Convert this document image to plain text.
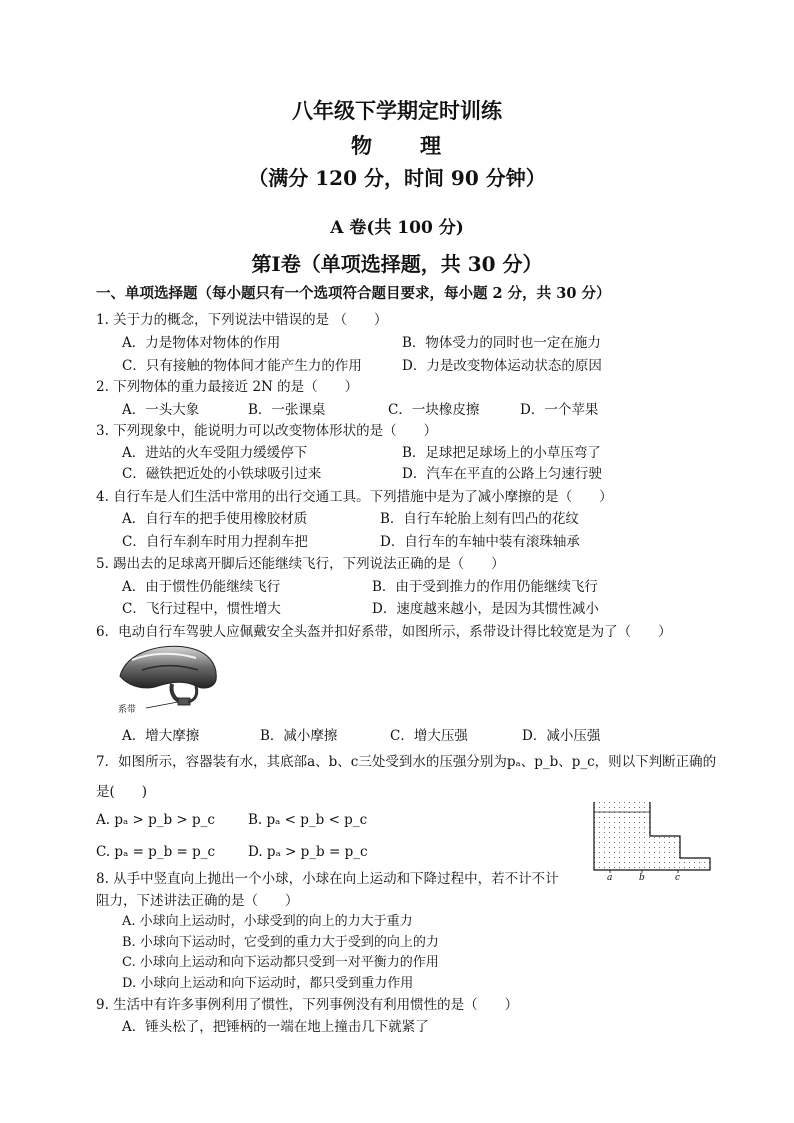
八年级下学期定时训练
物　　理
（满分 120 分，时间 90 分钟）
A 卷(共 100 分)
第Ⅰ卷（单项选择题，共 30 分）
一、单项选择题（每小题只有一个选项符合题目要求，每小题 2 分，共 30 分）
1. 关于力的概念，下列说法中错误的是 （　　）
A．力是物体对物体的作用	B．物体受力的同时也一定在施力
C．只有接触的物体间才能产生力的作用	D．力是改变物体运动状态的原因
2. 下列物体的重力最接近 2N 的是（　　）
A．一头大象	B．一张课桌	C．一块橡皮擦	D．一个苹果
3. 下列现象中，能说明力可以改变物体形状的是（　　）
A．进站的火车受阻力缓缓停下	B．足球把足球场上的小草压弯了
C．磁铁把近处的小铁球吸引过来	D．汽车在平直的公路上匀速行驶
4. 自行车是人们生活中常用的出行交通工具。下列措施中是为了减小摩擦的是（　　）
A．自行车的把手使用橡胶材质	B．自行车轮胎上刻有凹凸的花纹
C．自行车刹车时用力捏刹车把	D．自行车的车轴中装有滚珠轴承
5. 踢出去的足球离开脚后还能继续飞行，下列说法正确的是（　　）
A．由于惯性仍能继续飞行	B．由于受到推力的作用仍能继续飞行
C．飞行过程中，惯性增大	D．速度越来越小，是因为其惯性减小
6．电动自行车驾驶人应佩戴安全头盔并扣好系带，如图所示，系带设计得比较宽是为了（　　）
系带
A．增大摩擦	B．减小摩擦	C．增大压强	D．减小压强
7．如图所示，容器装有水，其底部a、b、c三处受到水的压强分别为pₐ、p_b、p_c，则以下判断正确的
是(　　)
A. pₐ > p_b > p_c B. pₐ < p_b < p_c
C. pₐ = p_b = p_c D. pₐ > p_b = p_c
a	b	c
8. 从手中竖直向上抛出一个小球，小球在向上运动和下降过程中，若不计不计
阻力，下述讲法正确的是（　　）
A. 小球向上运动时，小球受到的向上的力大于重力
B. 小球向下运动时，它受到的重力大于受到的向上的力
C. 小球向上运动和向下运动都只受到一对平衡力的作用
D. 小球向上运动和向下运动时，都只受到重力作用
9. 生活中有许多事例利用了惯性，下列事例没有利用惯性的是（　　）
A．锤头松了，把锤柄的一端在地上撞击几下就紧了
